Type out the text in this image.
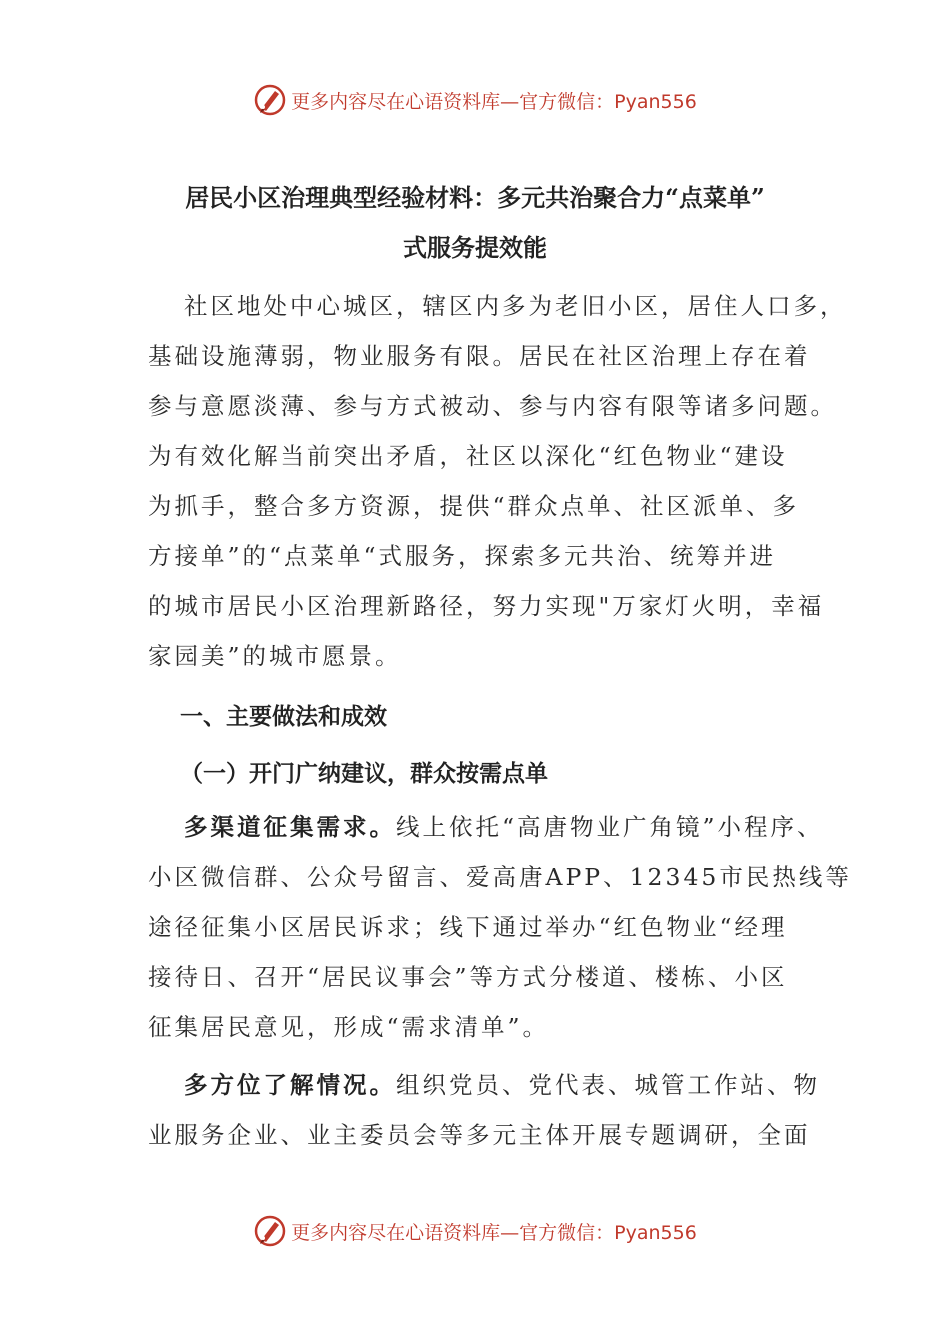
更多内容尽在心语资料库—官方微信：Pyan556
居民小区治理典型经验材料：多元共治聚合力“点菜单”
式服务提效能
社区地处中心城区，辖区内多为老旧小区，居住人口多，
基础设施薄弱，物业服务有限。居民在社区治理上存在着
参与意愿淡薄、参与方式被动、参与内容有限等诸多问题。
为有效化解当前突出矛盾，社区以深化“红色物业“建设
为抓手，整合多方资源，提供“群众点单、社区派单、多
方接单”的“点菜单“式服务，探索多元共治、统筹并进
的城市居民小区治理新路径，努力实现"万家灯火明，幸福
家园美”的城市愿景。
一、主要做法和成效
（一）开门广纳建议，群众按需点单
多渠道征集需求。线上依托“高唐物业广角镜”小程序、
小区微信群、公众号留言、爱高唐APP、12345市民热线等
途径征集小区居民诉求；线下通过举办“红色物业“经理
接待日、召开“居民议事会”等方式分楼道、楼栋、小区
征集居民意见，形成“需求清单”。
多方位了解情况。组织党员、党代表、城管工作站、物
业服务企业、业主委员会等多元主体开展专题调研，全面
更多内容尽在心语资料库—官方微信：Pyan556
